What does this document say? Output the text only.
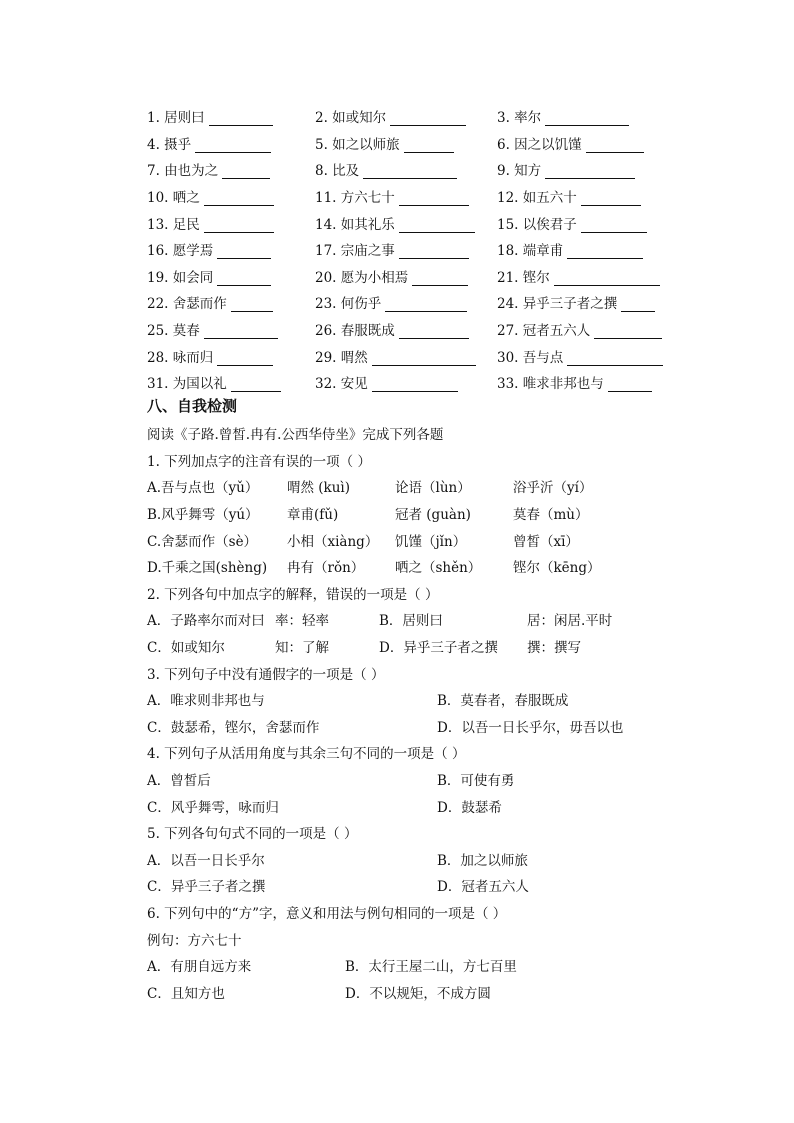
1. 居则曰	2. 如或知尔	3. 率尔
4. 摄乎	5. 如之以师旅	6. 因之以饥馑
7. 由也为之	8. 比及	9. 知方
10. 哂之	11. 方六七十	12. 如五六十
13. 足民	14. 如其礼乐	15. 以俟君子
16. 愿学焉	17. 宗庙之事	18. 端章甫
19. 如会同	20. 愿为小相焉	21. 铿尔
22. 舍瑟而作	23. 何伤乎	24. 异乎三子者之撰
25. 莫春	26. 春服既成	27. 冠者五六人
28. 咏而归	29. 喟然	30. 吾与点
31. 为国以礼	32. 安见	33. 唯求非邦也与
八、自我检测
阅读《子路.曾皙.冉有.公西华侍坐》完成下列各题
1. 下列加点字的注音有误的一项（ ）
A.吾与点也（yǔ）	喟然 (kuì)	论语（lùn）	浴乎沂（yí）
B.风乎舞雩（yú）	章甫(fǔ)	冠者 (guàn)	莫春（mù）
C.舍瑟而作（sè）	小相（xiàng）	饥馑（jǐn）	曾皙（xī）
D.千乘之国(shèng)	冉有（rǒn）	哂之（shěn）	铿尔（kēng）
2. 下列各句中加点字的解释，错误的一项是（ ）
A．子路率尔而对曰 率：轻率	B．居则曰	居：闲居.平时
C．如或知尔	知：了解	D．异乎三子者之撰	撰：撰写
3. 下列句子中没有通假字的一项是（ ）
A．唯求则非邦也与	B．莫春者，春服既成
C．鼓瑟希，铿尔，舍瑟而作	D．以吾一日长乎尔，毋吾以也
4. 下列句子从活用角度与其余三句不同的一项是（ ）
A．曾皙后	B．可使有勇
C．风乎舞雩，咏而归	D．鼓瑟希
5. 下列各句句式不同的一项是（ ）
A．以吾一日长乎尔	B．加之以师旅
C．异乎三子者之撰	D．冠者五六人
6. 下列句中的“方”字，意义和用法与例句相同的一项是（ ）
例句：方六七十
A．有朋自远方来	B．太行王屋二山，方七百里
C．且知方也	D．不以规矩，不成方圆
